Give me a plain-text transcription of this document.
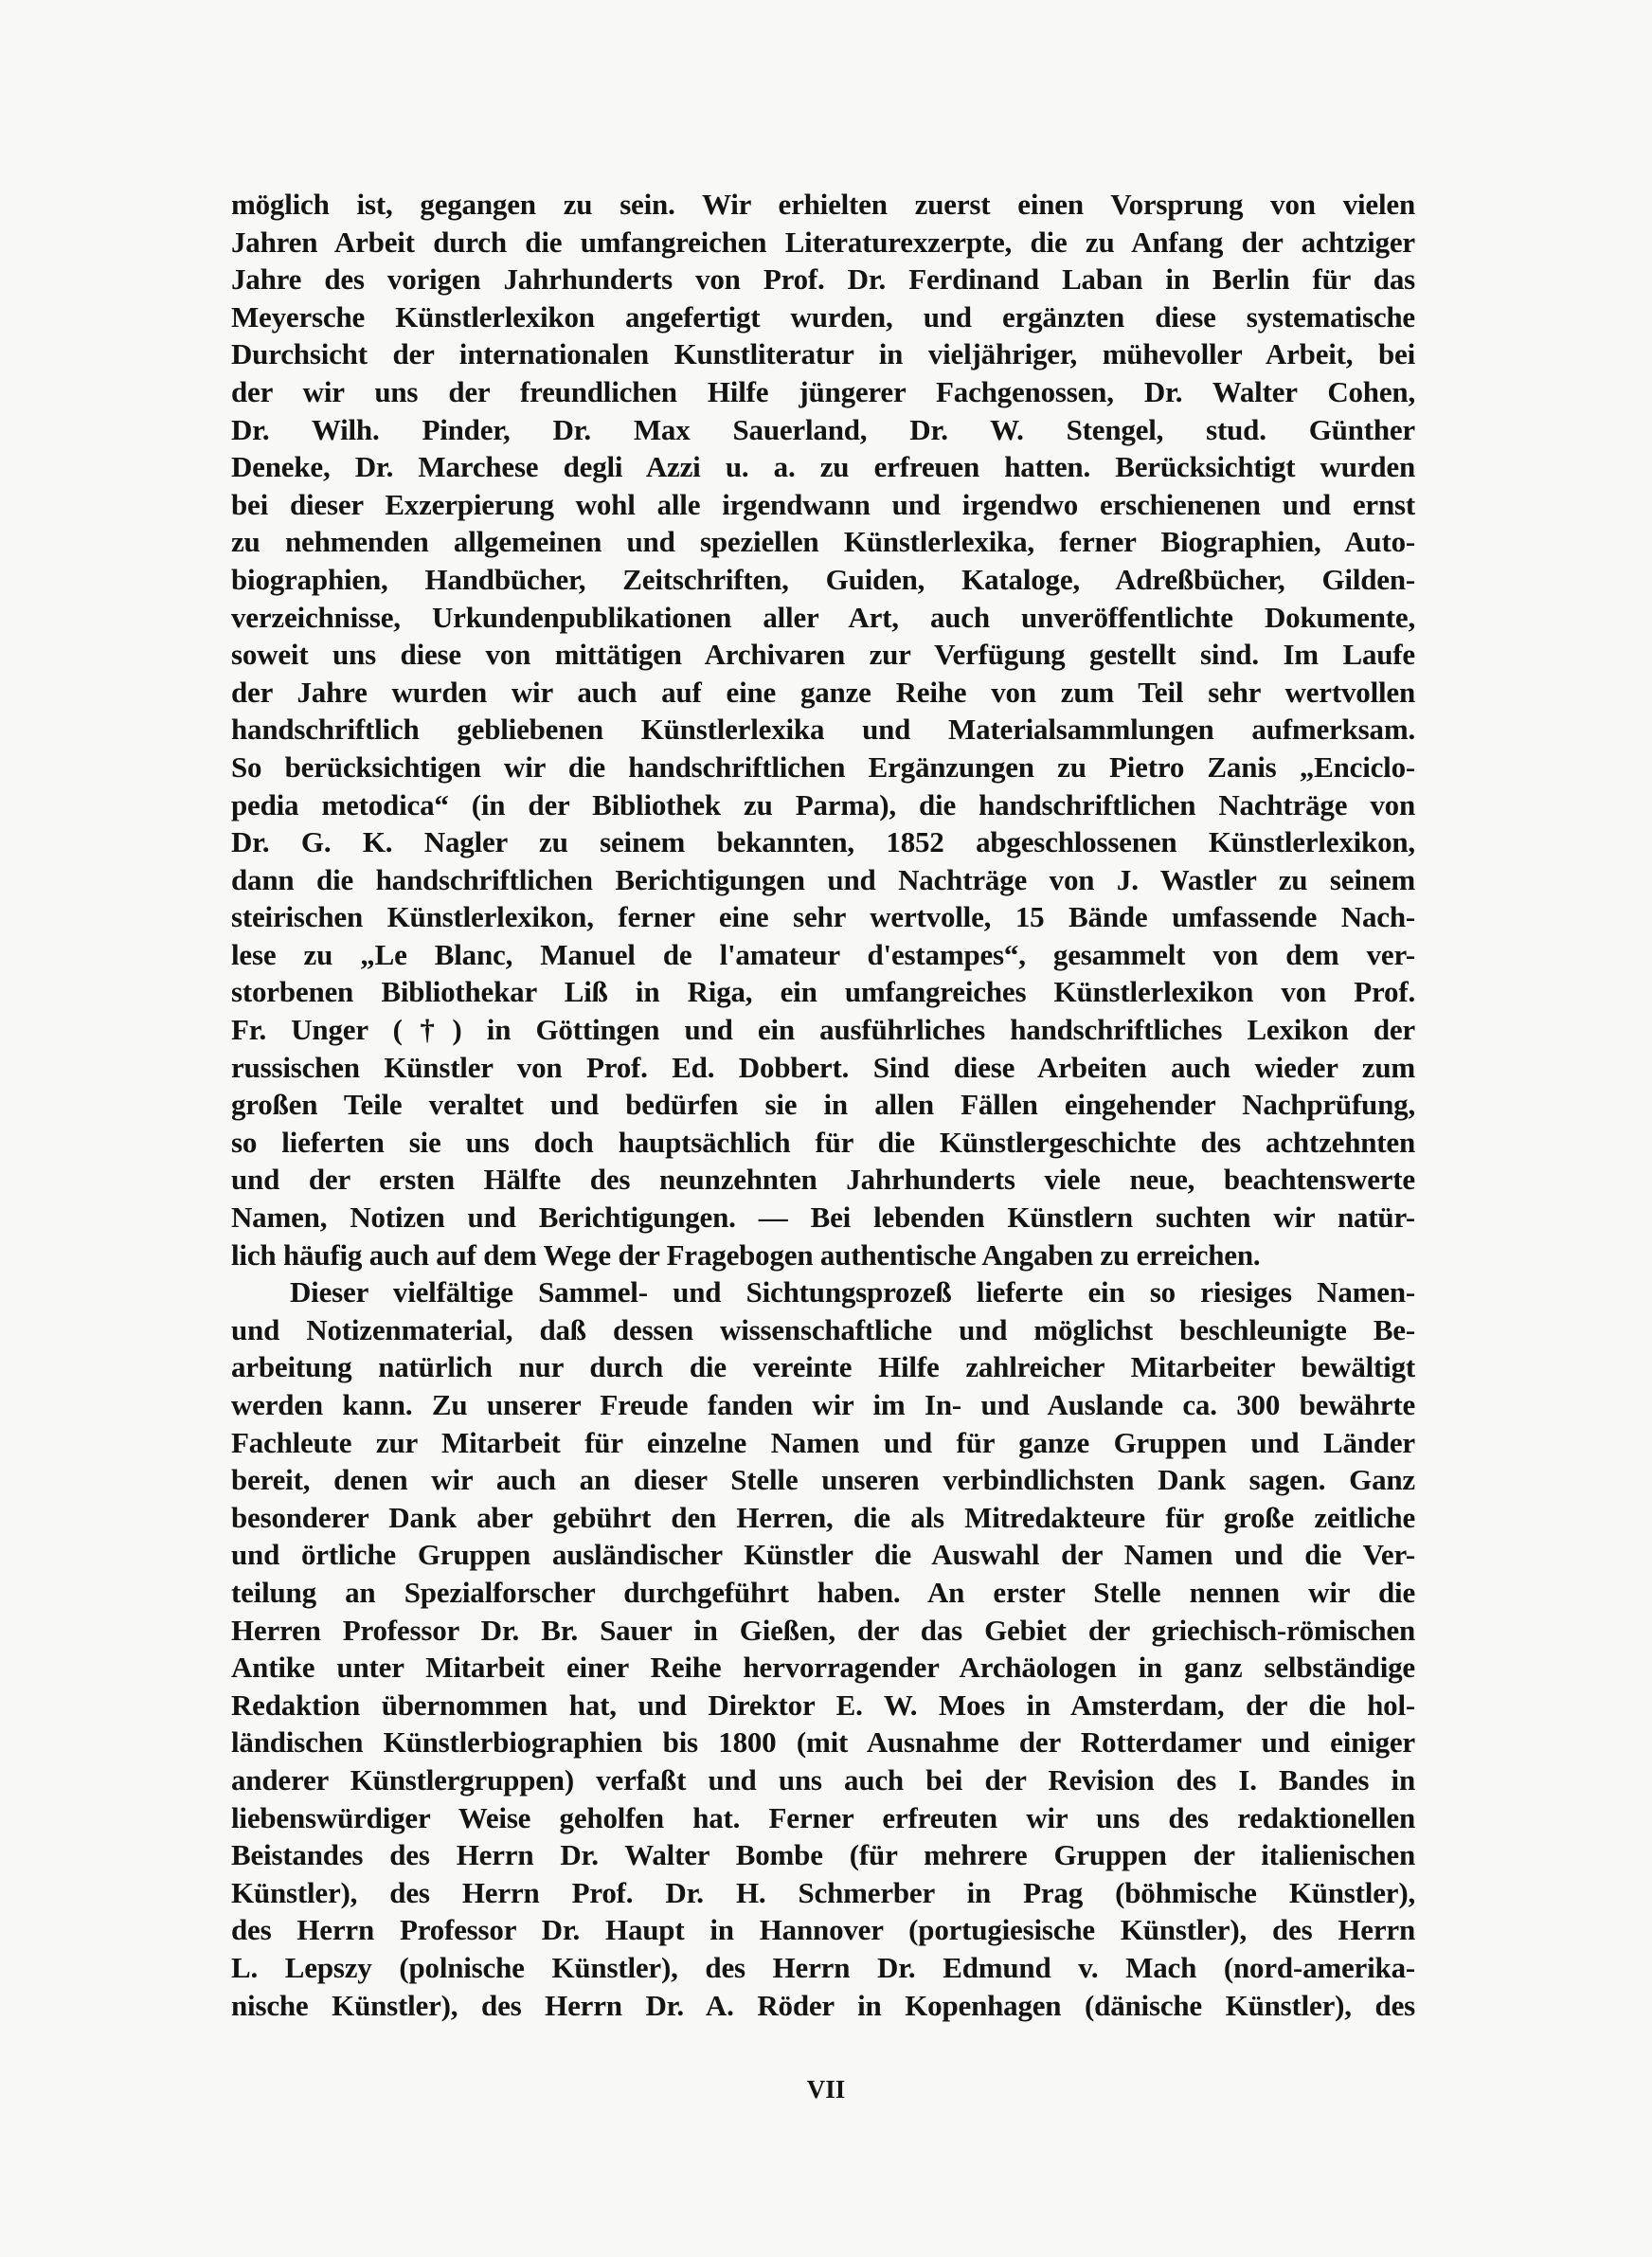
möglich ist, gegangen zu sein. Wir erhielten zuerst einen Vorsprung von vielen
Jahren Arbeit durch die umfangreichen Literaturexzerpte, die zu Anfang der achtziger
Jahre des vorigen Jahrhunderts von Prof. Dr. Ferdinand Laban in Berlin für das
Meyersche Künstlerlexikon angefertigt wurden, und ergänzten diese systematische
Durchsicht der internationalen Kunstliteratur in vieljähriger, mühevoller Arbeit, bei
der wir uns der freundlichen Hilfe jüngerer Fachgenossen, Dr. Walter Cohen,
Dr. Wilh. Pinder, Dr. Max Sauerland, Dr. W. Stengel, stud. Günther
Deneke, Dr. Marchese degli Azzi u. a. zu erfreuen hatten. Berücksichtigt wurden
bei dieser Exzerpierung wohl alle irgendwann und irgendwo erschienenen und ernst
zu nehmenden allgemeinen und speziellen Künstlerlexika, ferner Biographien, Auto-
biographien, Handbücher, Zeitschriften, Guiden, Kataloge, Adreßbücher, Gilden-
verzeichnisse, Urkundenpublikationen aller Art, auch unveröffentlichte Dokumente,
soweit uns diese von mittätigen Archivaren zur Verfügung gestellt sind. Im Laufe
der Jahre wurden wir auch auf eine ganze Reihe von zum Teil sehr wertvollen
handschriftlich gebliebenen Künstlerlexika und Materialsammlungen aufmerksam.
So berücksichtigen wir die handschriftlichen Ergänzungen zu Pietro Zanis „Enciclo-
pedia metodica“ (in der Bibliothek zu Parma), die handschriftlichen Nachträge von
Dr. G. K. Nagler zu seinem bekannten, 1852 abgeschlossenen Künstlerlexikon,
dann die handschriftlichen Berichtigungen und Nachträge von J. Wastler zu seinem
steirischen Künstlerlexikon, ferner eine sehr wertvolle, 15 Bände umfassende Nach-
lese zu „Le Blanc, Manuel de l'amateur d'estampes“, gesammelt von dem ver-
storbenen Bibliothekar Liß in Riga, ein umfangreiches Künstlerlexikon von Prof.
Fr. Unger (†) in Göttingen und ein ausführliches handschriftliches Lexikon der
russischen Künstler von Prof. Ed. Dobbert. Sind diese Arbeiten auch wieder zum
großen Teile veraltet und bedürfen sie in allen Fällen eingehender Nachprüfung,
so lieferten sie uns doch hauptsächlich für die Künstlergeschichte des achtzehnten
und der ersten Hälfte des neunzehnten Jahrhunderts viele neue, beachtenswerte
Namen, Notizen und Berichtigungen. — Bei lebenden Künstlern suchten wir natür-
lich häufig auch auf dem Wege der Fragebogen authentische Angaben zu erreichen.
Dieser vielfältige Sammel- und Sichtungsprozeß lieferte ein so riesiges Namen-
und Notizenmaterial, daß dessen wissenschaftliche und möglichst beschleunigte Be-
arbeitung natürlich nur durch die vereinte Hilfe zahlreicher Mitarbeiter bewältigt
werden kann. Zu unserer Freude fanden wir im In- und Auslande ca. 300 bewährte
Fachleute zur Mitarbeit für einzelne Namen und für ganze Gruppen und Länder
bereit, denen wir auch an dieser Stelle unseren verbindlichsten Dank sagen. Ganz
besonderer Dank aber gebührt den Herren, die als Mitredakteure für große zeitliche
und örtliche Gruppen ausländischer Künstler die Auswahl der Namen und die Ver-
teilung an Spezialforscher durchgeführt haben. An erster Stelle nennen wir die
Herren Professor Dr. Br. Sauer in Gießen, der das Gebiet der griechisch-römischen
Antike unter Mitarbeit einer Reihe hervorragender Archäologen in ganz selbständige
Redaktion übernommen hat, und Direktor E. W. Moes in Amsterdam, der die hol-
ländischen Künstlerbiographien bis 1800 (mit Ausnahme der Rotterdamer und einiger
anderer Künstlergruppen) verfaßt und uns auch bei der Revision des I. Bandes in
liebenswürdiger Weise geholfen hat. Ferner erfreuten wir uns des redaktionellen
Beistandes des Herrn Dr. Walter Bombe (für mehrere Gruppen der italienischen
Künstler), des Herrn Prof. Dr. H. Schmerber in Prag (böhmische Künstler),
des Herrn Professor Dr. Haupt in Hannover (portugiesische Künstler), des Herrn
L. Lepszy (polnische Künstler), des Herrn Dr. Edmund v. Mach (nord-amerika-
nische Künstler), des Herrn Dr. A. Röder in Kopenhagen (dänische Künstler), des
VII
